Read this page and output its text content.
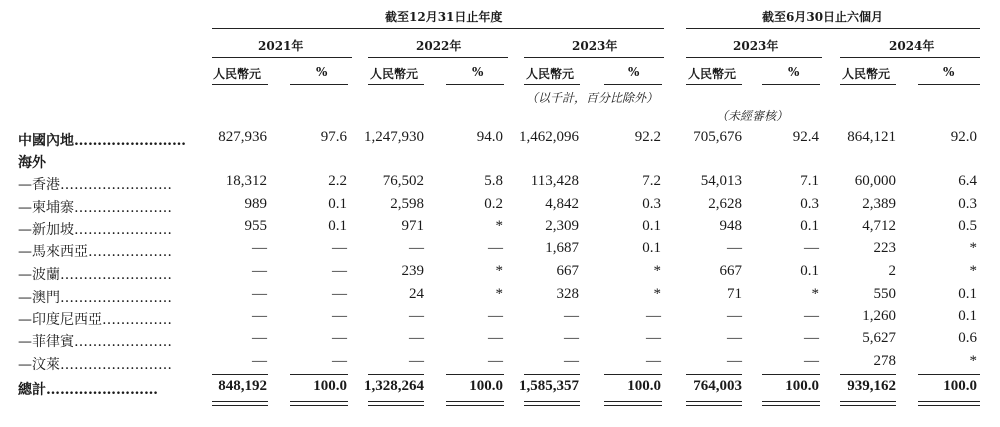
截至12月31日止年度	截至6月30日止六個月
2021年	2022年	2023年	2023年	2024年
人民幣元	%	人民幣元	%	人民幣元	%	人民幣元	%	人民幣元	%
（以千計，百分比除外）
（未經審核）
中國內地…………………… 827,936	97.6 1,247,930	94.0 1,462,096	92.2 705,676	92.4 864,121	92.0
海外
—香港……………………	18,312	2.2 76,502	5.8 113,428	7.2	54,013	7.1 60,000	6.4
—柬埔寨…………………	989	0.1	2,598	0.2	4,842	0.3	2,628	0.3	2,389	0.3
—新加坡…………………	955	0.1	971	*	2,309	0.1	948	0.1	4,712	0.5
—馬來西亞………………	—	—	—	—	1,687	0.1	—	—	223	*
—波蘭……………………	—	—	239	*	667	*	667	0.1	2	*
—澳門……………………	—	—	24	*	328	*	71	*	550	0.1
—印度尼西亞……………	—	—	—	—	—	—	—	—	1,260	0.1
—菲律賓…………………	—	—	—	—	—	—	—	—	5,627	0.6
—汶萊……………………	—	—	—	—	—	—	—	—	278	*
總計……………………	848,192	100.0 1,328,264	100.0 1,585,357	100.0 764,003	100.0 939,162	100.0
